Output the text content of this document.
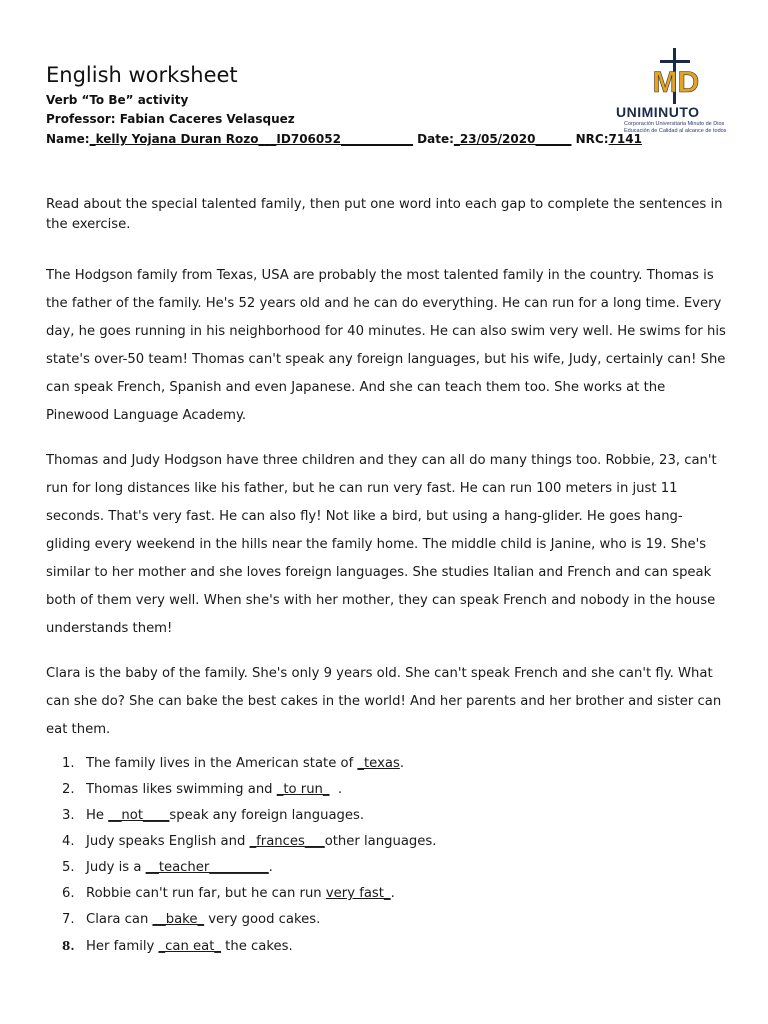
English worksheet
Verb “To Be” activity
Professor: Fabian Caceres Velasquez
Name:_kelly Yojana Duran Rozo___ID706052____________ Date:_23/05/2020______ NRC:7141
MD
UNIMINUTO
Corporación Universitaria Minuto de Dios
Educación de Calidad al alcance de todos
Read about the special talented family, then put one word into each gap to complete the sentences in the exercise.
The Hodgson family from Texas, USA are probably the most talented family in the country. Thomas is the father of the family. He's 52 years old and he can do everything. He can run for a long time. Every day, he goes running in his neighborhood for 40 minutes. He can also swim very well. He swims for his state's over-50 team! Thomas can't speak any foreign languages, but his wife, Judy, certainly can! She can speak French, Spanish and even Japanese. And she can teach them too. She works at the Pinewood Language Academy.
Thomas and Judy Hodgson have three children and they can all do many things too. Robbie, 23, can't run for long distances like his father, but he can run very fast. He can run 100 meters in just 11 seconds. That's very fast. He can also fly! Not like a bird, but using a hang-glider. He goes hang-gliding every weekend in the hills near the family home. The middle child is Janine, who is 19. She's similar to her mother and she loves foreign languages. She studies Italian and French and can speak both of them very well. When she's with her mother, they can speak French and nobody in the house understands them!
Clara is the baby of the family. She's only 9 years old. She can't speak French and she can't fly. What can she do? She can bake the best cakes in the world! And her parents and her brother and sister can eat them.
1. The family lives in the American state of _texas.
2. Thomas likes swimming and _to run_  .
3. He __not____speak any foreign languages.
4. Judy speaks English and _frances___other languages.
5. Judy is a __teacher_________.
6. Robbie can't run far, but he can run very fast_.
7. Clara can __bake_ very good cakes.
8. Her family _can eat_ the cakes.
